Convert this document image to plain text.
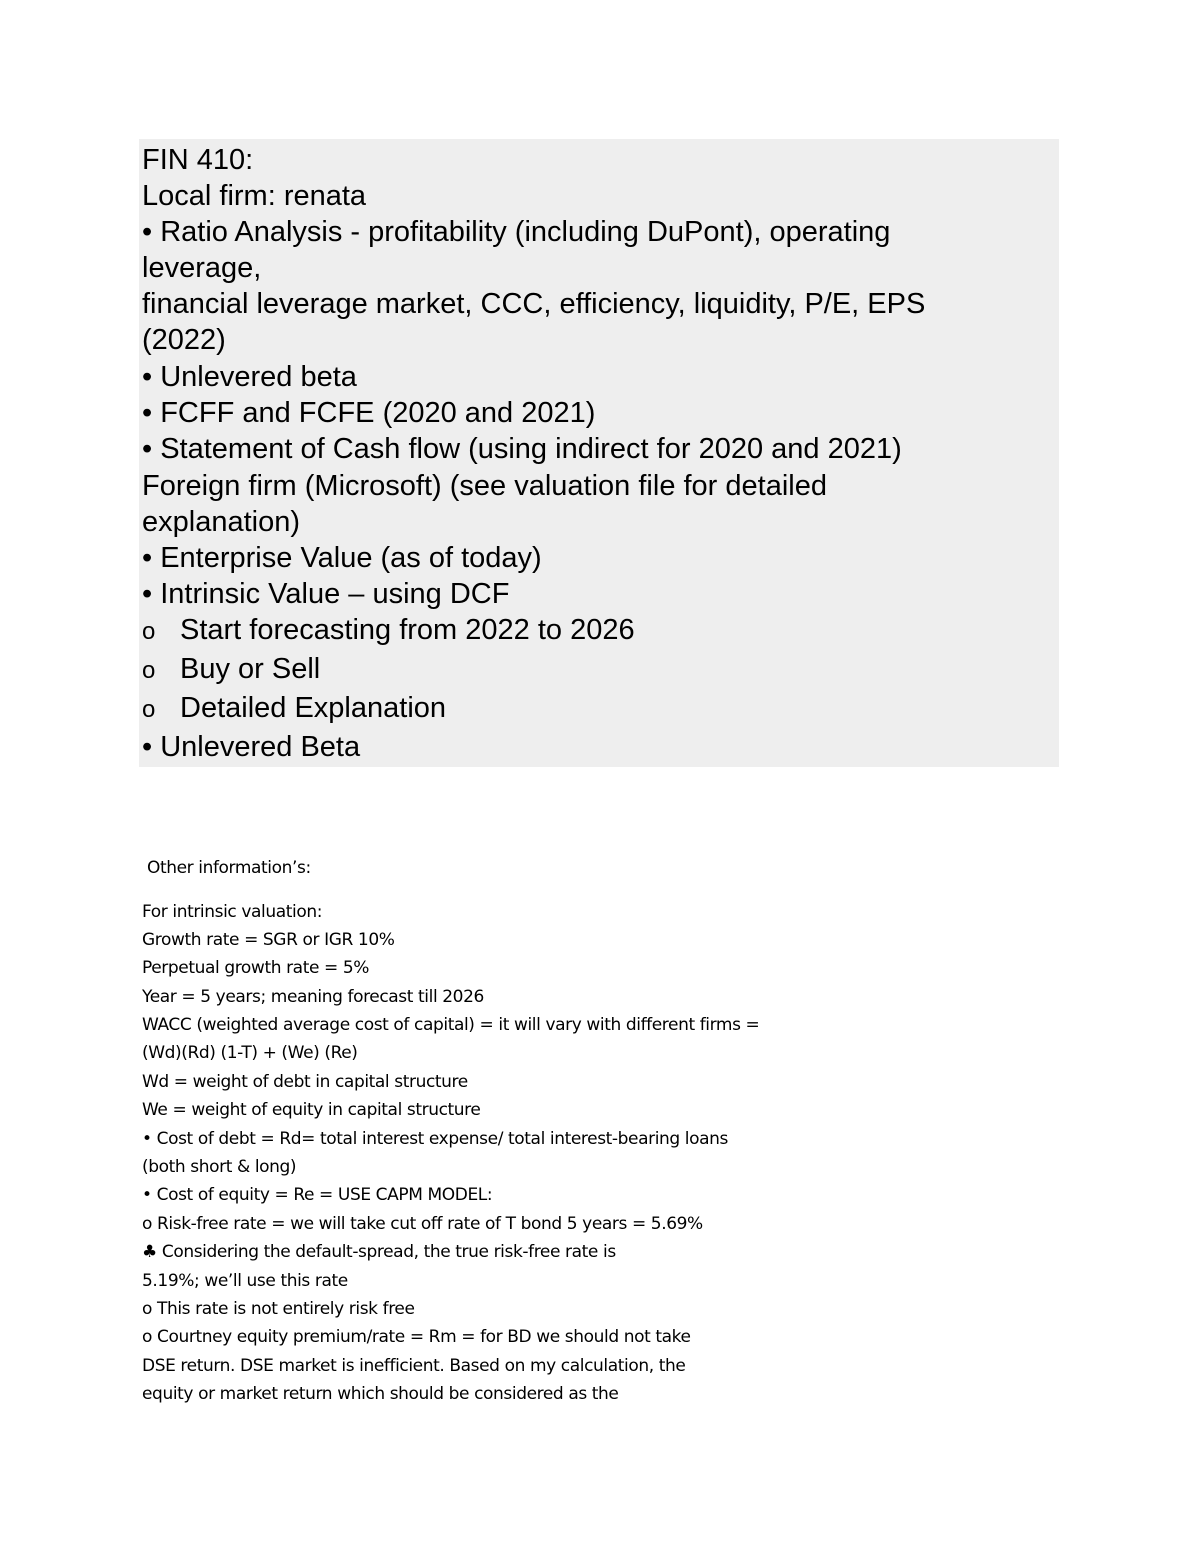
FIN 410:
Local firm: renata
• Ratio Analysis - profitability (including DuPont), operating
leverage,
financial leverage market, CCC, efficiency, liquidity, P/E, EPS
(2022)
• Unlevered beta
• FCFF and FCFE (2020 and 2021)
• Statement of Cash flow (using indirect for 2020 and 2021)
Foreign firm (Microsoft) (see valuation file for detailed
explanation)
• Enterprise Value (as of today)
• Intrinsic Value – using DCF
o Start forecasting from 2022 to 2026
o Buy or Sell
o Detailed Explanation
• Unlevered Beta
Other information’s:
For intrinsic valuation:
Growth rate = SGR or IGR 10%
Perpetual growth rate = 5%
Year = 5 years; meaning forecast till 2026
WACC (weighted average cost of capital) = it will vary with different firms =
(Wd)(Rd) (1-T) + (We) (Re)
Wd = weight of debt in capital structure
We = weight of equity in capital structure
• Cost of debt = Rd= total interest expense/ total interest-bearing loans
(both short & long)
• Cost of equity = Re = USE CAPM MODEL:
o Risk-free rate = we will take cut off rate of T bond 5 years = 5.69%
♣ Considering the default-spread, the true risk-free rate is
5.19%; we’ll use this rate
o This rate is not entirely risk free
o Courtney equity premium/rate = Rm = for BD we should not take
DSE return. DSE market is inefficient. Based on my calculation, the
equity or market return which should be considered as the
